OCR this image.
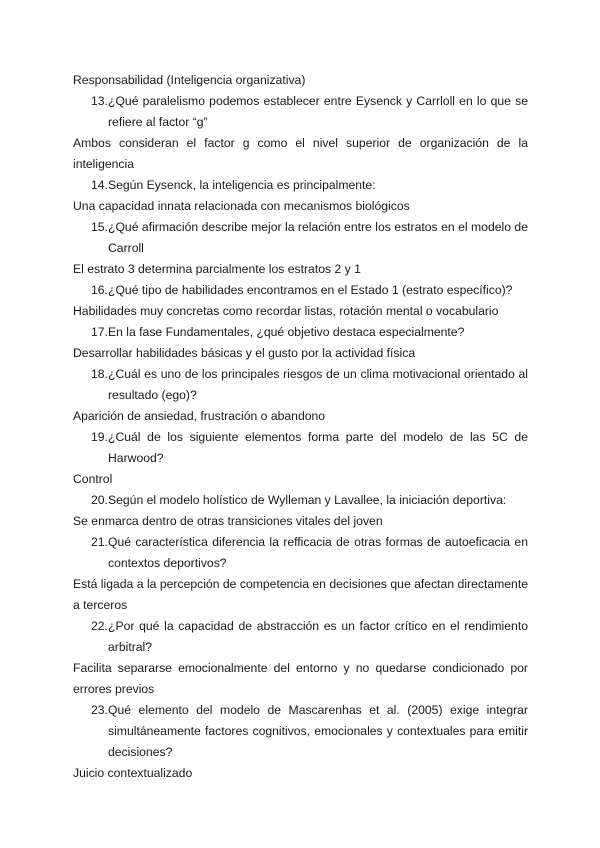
Responsabilidad (Inteligencia organizativa)

13. ¿Qué paralelismo podemos establecer entre Eysenck y Carrloll en lo que se refiere al factor “g”

Ambos consideran el factor g como el nivel superior de organización de la inteligencia

14. Según Eysenck, la inteligencia es principalmente:

Una capacidad innata relacionada con mecanismos biológicos

15. ¿Qué afirmación describe mejor la relación entre los estratos en el modelo de Carroll

El estrato 3 determina parcialmente los estratos 2 y 1

16. ¿Qué tipo de habilidades encontramos en el Estado 1 (estrato específico)?

Habilidades muy concretas como recordar listas, rotación mental o vocabulario

17. En la fase Fundamentales, ¿qué objetivo destaca especialmente?

Desarrollar habilidades básicas y el gusto por la actividad física

18. ¿Cuál es uno de los principales riesgos de un clima motivacional orientado al resultado (ego)?

Aparición de ansiedad, frustración o abandono

19. ¿Cuál de los siguiente elementos forma parte del modelo de las 5C de Harwood?

Control

20. Según el modelo holístico de Wylleman y Lavallee, la iniciación deportiva:

Se enmarca dentro de otras transiciones vitales del joven

21. Qué característica diferencia la refficacia de otras formas de autoeficacia en contextos deportivos?

Está ligada a la percepción de competencia en decisiones que afectan directamente a terceros

22. ¿Por qué la capacidad de abstracción es un factor crítico en el rendimiento arbitral?

Facilita separarse emocionalmente del entorno y no quedarse condicionado por errores previos

23. Qué elemento del modelo de Mascarenhas et al. (2005) exige integrar simultáneamente factores cognitivos, emocionales y contextuales para emitir decisiones?

Juicio contextualizado
